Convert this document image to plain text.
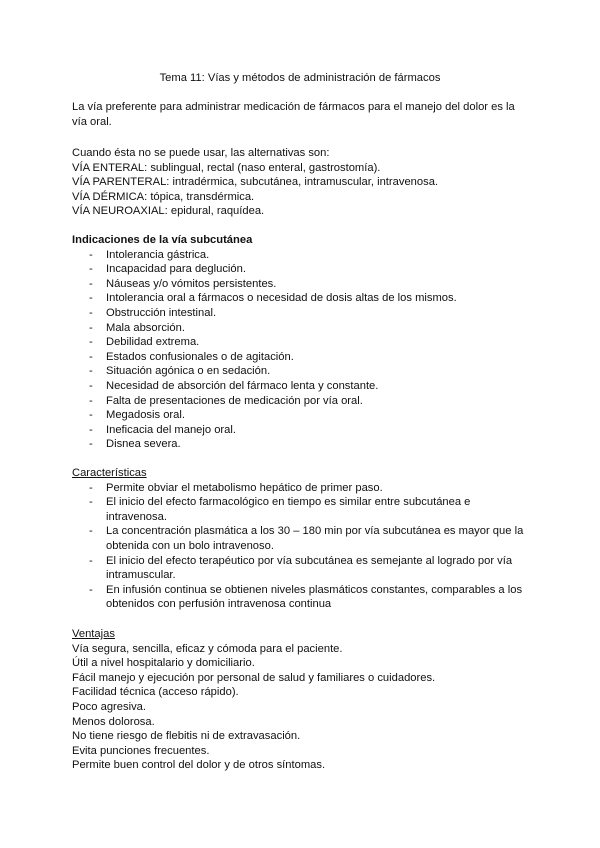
Tema 11: Vías y métodos de administración de fármacos

La vía preferente para administrar medicación de fármacos para el manejo del dolor es la

vía oral.

Cuando ésta no se puede usar, las alternativas son:

VÍA ENTERAL: sublingual, rectal (naso enteral, gastrostomía).

VÍA PARENTERAL: intradérmica, subcutánea, intramuscular, intravenosa.

VÍA DÉRMICA: tópica, transdérmica.

VÍA NEUROAXIAL: epidural, raquídea.

Indicaciones de la vía subcutánea

- Intolerancia gástrica.
- Incapacidad para deglución.
- Náuseas y/o vómitos persistentes.
- Intolerancia oral a fármacos o necesidad de dosis altas de los mismos.
- Obstrucción intestinal.
- Mala absorción.
- Debilidad extrema.
- Estados confusionales o de agitación.
- Situación agónica o en sedación.
- Necesidad de absorción del fármaco lenta y constante.
- Falta de presentaciones de medicación por vía oral.
- Megadosis oral.
- Ineficacia del manejo oral.
- Disnea severa.

Características

- Permite obviar el metabolismo hepático de primer paso.
- El inicio del efecto farmacológico en tiempo es similar entre subcutánea e
intravenosa.
- La concentración plasmática a los 30 – 180 min por vía subcutánea es mayor que la
obtenida con un bolo intravenoso.
- El inicio del efecto terapéutico por vía subcutánea es semejante al logrado por vía
intramuscular.
- En infusión continua se obtienen niveles plasmáticos constantes, comparables a los
obtenidos con perfusión intravenosa continua

Ventajas

Vía segura, sencilla, eficaz y cómoda para el paciente.

Útil a nivel hospitalario y domiciliario.

Fácil manejo y ejecución por personal de salud y familiares o cuidadores.

Facilidad técnica (acceso rápido).

Poco agresiva.

Menos dolorosa.

No tiene riesgo de flebitis ni de extravasación.

Evita punciones frecuentes.

Permite buen control del dolor y de otros síntomas.
